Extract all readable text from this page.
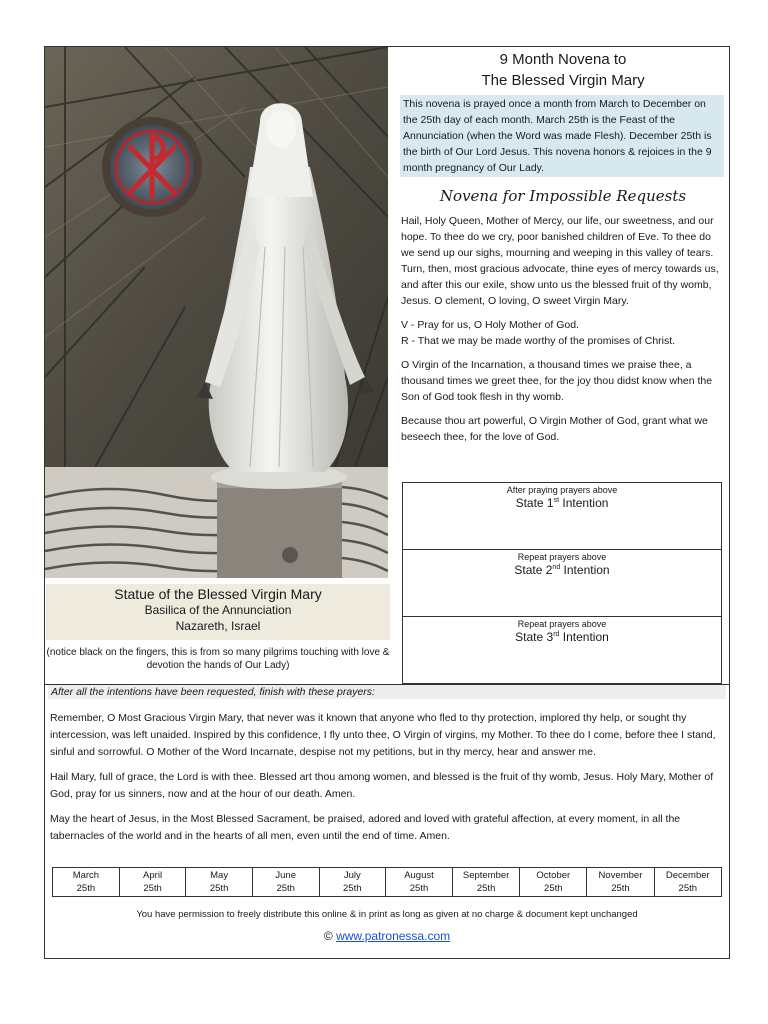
Statue of the Blessed Virgin Mary
Basilica of the Annunciation
Nazareth, Israel
(notice black on the fingers, this is from so many pilgrims touching with love & devotion the hands of Our Lady)
9 Month Novena to
The Blessed Virgin Mary
This novena is prayed once a month from March to December on the 25th day of each month. March 25th is the Feast of the Annunciation (when the Word was made Flesh). December 25th is the birth of Our Lord Jesus. This novena honors & rejoices in the 9 month pregnancy of Our Lady.
Novena for Impossible Requests

Hail, Holy Queen, Mother of Mercy, our life, our sweetness, and our hope. To thee do we cry, poor banished children of Eve. To thee do we send up our sighs, mourning and weeping in this valley of tears. Turn, then, most gracious advocate, thine eyes of mercy towards us, and after this our exile, show unto us the blessed fruit of thy womb, Jesus. O clement, O loving, O sweet Virgin Mary.

V - Pray for us, O Holy Mother of God.

R - That we may be made worthy of the promises of Christ.

O Virgin of the Incarnation, a thousand times we praise thee, a thousand times we greet thee, for the joy thou didst know when the Son of God took flesh in thy womb.

Because thou art powerful, O Virgin Mother of God, grant what we beseech thee, for the love of God.

After praying prayers above
State 1st Intention

Repeat prayers above
State 2nd Intention

Repeat prayers above
State 3rd Intention
After all the intentions have been requested, finish with these prayers:

Remember, O Most Gracious Virgin Mary, that never was it known that anyone who fled to thy protection, implored thy help, or sought thy intercession, was left unaided. Inspired by this confidence, I fly unto thee, O Virgin of virgins, my Mother. To thee do I come, before thee I stand, sinful and sorrowful. O Mother of the Word Incarnate, despise not my petitions, but in thy mercy, hear and answer me.

Hail Mary, full of grace, the Lord is with thee. Blessed art thou among women, and blessed is the fruit of thy womb, Jesus. Holy Mary, Mother of God, pray for us sinners, now and at the hour of our death. Amen.

May the heart of Jesus, in the Most Blessed Sacrament, be praised, adored and loved with grateful affection, at every moment, in all the tabernacles of the world and in the hearts of all men, even until the end of time. Amen.

March
25th

April
25th

May
25th

June
25th

July
25th

August
25th

September
25th

October
25th

November
25th

December
25th
You have permission to freely distribute this online & in print as long as given at no charge & document kept unchanged
© www.patronessa.com
